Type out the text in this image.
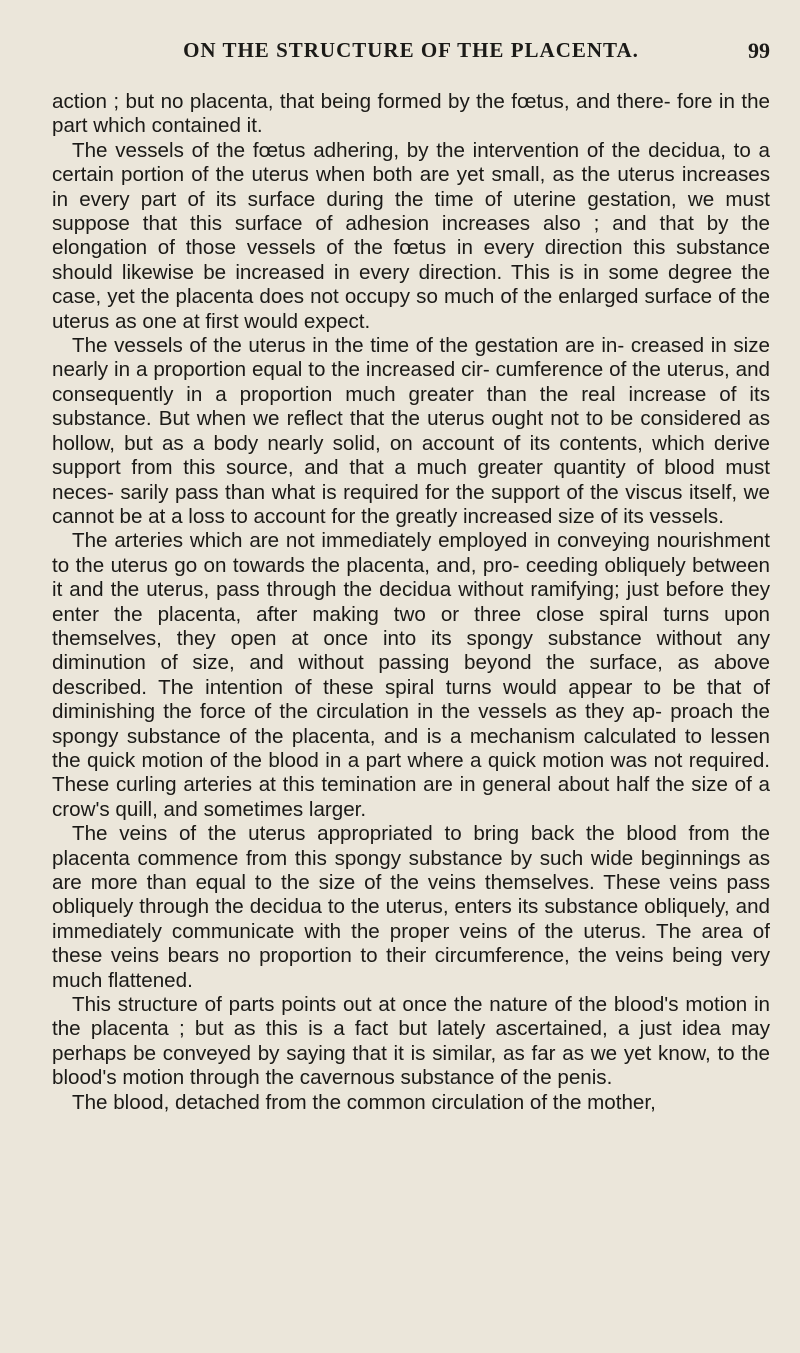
ON THE STRUCTURE OF THE PLACENTA.	99

action ; but no placenta, that being formed by the fœtus, and there- fore in the part which contained it.

The vessels of the fœtus adhering, by the intervention of the decidua, to a certain portion of the uterus when both are yet small, as the uterus increases in every part of its surface during the time of uterine gestation, we must suppose that this surface of adhesion increases also ; and that by the elongation of those vessels of the fœtus in every direction this substance should likewise be increased in every direction. This is in some degree the case, yet the placenta does not occupy so much of the enlarged surface of the uterus as one at first would expect.

The vessels of the uterus in the time of the gestation are in- creased in size nearly in a proportion equal to the increased cir- cumference of the uterus, and consequently in a proportion much greater than the real increase of its substance. But when we reflect that the uterus ought not to be considered as hollow, but as a body nearly solid, on account of its contents, which derive support from this source, and that a much greater quantity of blood must neces- sarily pass than what is required for the support of the viscus itself, we cannot be at a loss to account for the greatly increased size of its vessels.

The arteries which are not immediately employed in conveying nourishment to the uterus go on towards the placenta, and, pro- ceeding obliquely between it and the uterus, pass through the decidua without ramifying; just before they enter the placenta, after making two or three close spiral turns upon themselves, they open at once into its spongy substance without any diminution of size, and without passing beyond the surface, as above described. The intention of these spiral turns would appear to be that of diminishing the force of the circulation in the vessels as they ap- proach the spongy substance of the placenta, and is a mechanism calculated to lessen the quick motion of the blood in a part where a quick motion was not required. These curling arteries at this temination are in general about half the size of a crow's quill, and sometimes larger.

The veins of the uterus appropriated to bring back the blood from the placenta commence from this spongy substance by such wide beginnings as are more than equal to the size of the veins themselves. These veins pass obliquely through the decidua to the uterus, enters its substance obliquely, and immediately communicate with the proper veins of the uterus. The area of these veins bears no proportion to their circumference, the veins being very much flattened.

This structure of parts points out at once the nature of the blood's motion in the placenta ; but as this is a fact but lately ascertained, a just idea may perhaps be conveyed by saying that it is similar, as far as we yet know, to the blood's motion through the cavernous substance of the penis.

The blood, detached from the common circulation of the mother,
